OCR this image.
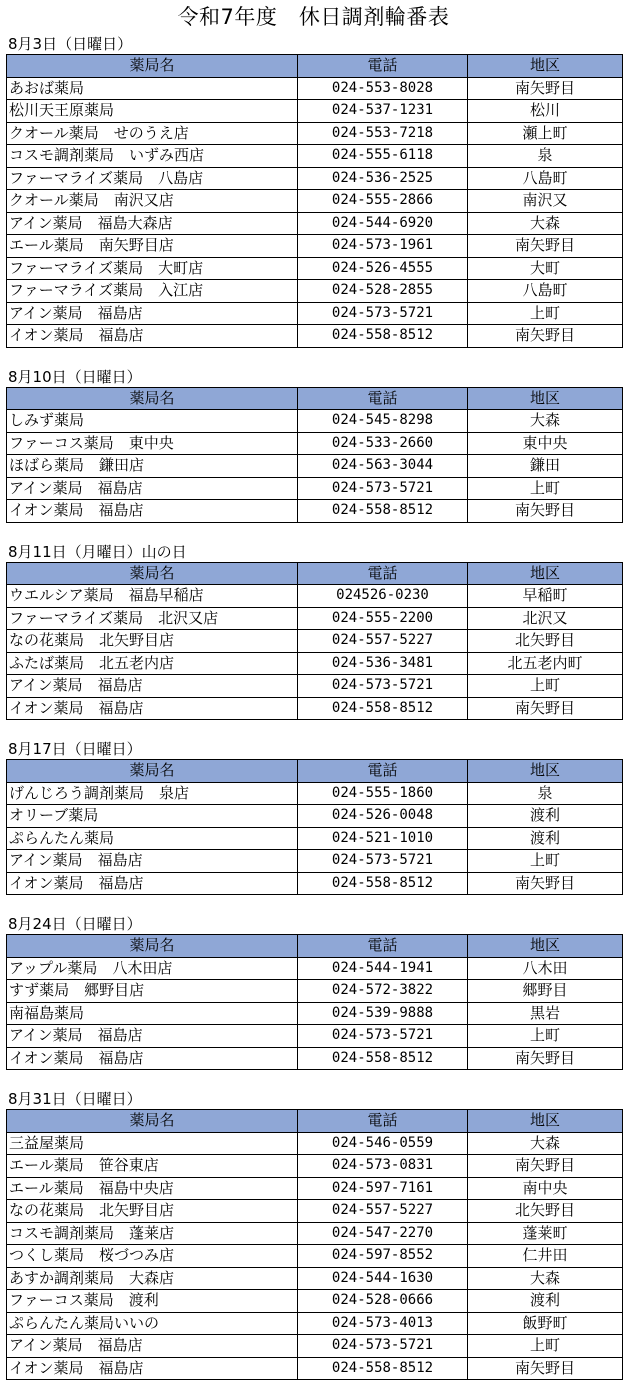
令和7年度　休日調剤輪番表
8月3日（日曜日）
薬局名	電話	地区
あおば薬局	024-553-8028	南矢野目
松川天王原薬局	024-537-1231	松川
クオール薬局　せのうえ店	024-553-7218	瀬上町
コスモ調剤薬局　いずみ西店	024-555-6118	泉
ファーマライズ薬局　八島店	024-536-2525	八島町
クオール薬局　南沢又店	024-555-2866	南沢又
アイン薬局　福島大森店	024-544-6920	大森
エール薬局　南矢野目店	024-573-1961	南矢野目
ファーマライズ薬局　大町店	024-526-4555	大町
ファーマライズ薬局　入江店	024-528-2855	八島町
アイン薬局　福島店	024-573-5721	上町
イオン薬局　福島店	024-558-8512	南矢野目
8月10日（日曜日）
薬局名	電話	地区
しみず薬局	024-545-8298	大森
ファーコス薬局　東中央	024-533-2660	東中央
ほばら薬局　鎌田店	024-563-3044	鎌田
アイン薬局　福島店	024-573-5721	上町
イオン薬局　福島店	024-558-8512	南矢野目
8月11日（月曜日）山の日
薬局名	電話	地区
ウエルシア薬局　福島早稲店	024526-0230	早稲町
ファーマライズ薬局　北沢又店	024-555-2200	北沢又
なの花薬局　北矢野目店	024-557-5227	北矢野目
ふたば薬局　北五老内店	024-536-3481	北五老内町
アイン薬局　福島店	024-573-5721	上町
イオン薬局　福島店	024-558-8512	南矢野目
8月17日（日曜日）
薬局名	電話	地区
げんじろう調剤薬局　泉店	024-555-1860	泉
オリーブ薬局	024-526-0048	渡利
ぷらんたん薬局	024-521-1010	渡利
アイン薬局　福島店	024-573-5721	上町
イオン薬局　福島店	024-558-8512	南矢野目
8月24日（日曜日）
薬局名	電話	地区
アップル薬局　八木田店	024-544-1941	八木田
すず薬局　郷野目店	024-572-3822	郷野目
南福島薬局	024-539-9888	黒岩
アイン薬局　福島店	024-573-5721	上町
イオン薬局　福島店	024-558-8512	南矢野目
8月31日（日曜日）
薬局名	電話	地区
三益屋薬局	024-546-0559	大森
エール薬局　笹谷東店	024-573-0831	南矢野目
エール薬局　福島中央店	024-597-7161	南中央
なの花薬局　北矢野目店	024-557-5227	北矢野目
コスモ調剤薬局　蓬莱店	024-547-2270	蓬莱町
つくし薬局　桜づつみ店	024-597-8552	仁井田
あすか調剤薬局　大森店	024-544-1630	大森
ファーコス薬局　渡利	024-528-0666	渡利
ぷらんたん薬局いいの	024-573-4013	飯野町
アイン薬局　福島店	024-573-5721	上町
イオン薬局　福島店	024-558-8512	南矢野目
